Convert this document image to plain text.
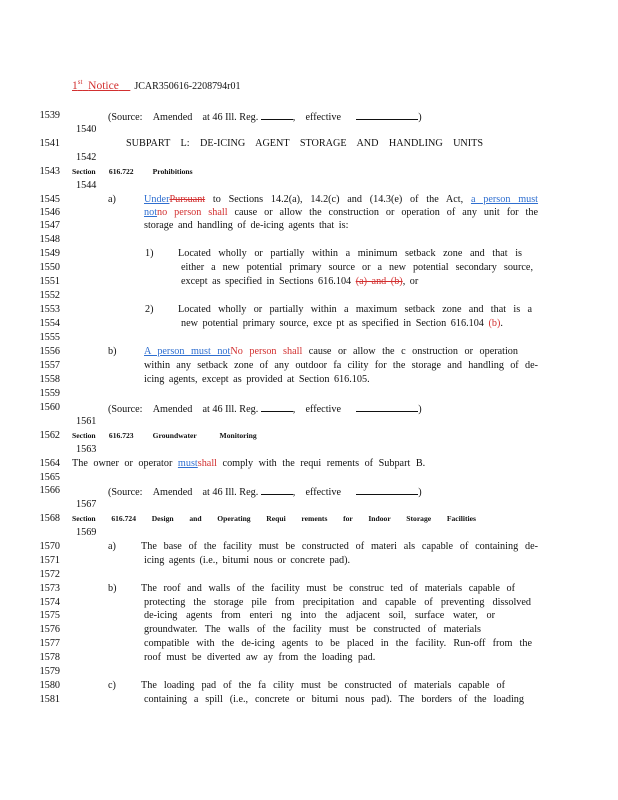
1st Notice JCAR350616-2208794r01
1539
1540
1541
1542
1543
1544
1545
1546
1547
1548
1549
1550
1551
1552
1553
1554
1555
1556
1557
1558
1559
1560
1561
1562
1563
1564
1565
1566
1567
1568
1569
1570
1571
1572
1573
1574
1575
1576
1577
1578
1579
1580
1581
(Source: Amended at 46 Ill. Reg.	, effective	)
(Source: Amended at 46 Ill. Reg.	, effective	)
(Source: Amended at 46 Ill. Reg.	, effective	)
SUBPART L: DE-ICING AGENT STORAGE AND HANDLING UNITS
Section 616.722 Prohibitions
a)	UnderPursuant to Sections 14.2(a), 14.2(c) and (14.3(e) of the Act, a person must
notno person shall cause or allow the construction or operation of any unit for the
storage and handling of de-icing agents that is:
1) Located wholly or partially within a minimum setback zone and that is
either a new potential primary source or a new potential secondary source,
except as specified in Sections 616.104 (a) and (b), or
2) Located wholly or partially within a maximum setback zone and that is a
new potential primary source, exce pt as specified in Section 616.104 (b).
b)	A person must notNo person shall cause or allow the c onstruction or operation
within any setback zone of any outdoor fa cility for the storage and handling of de-
icing agents, except as provided at Section 616.105.
Section 616.723 Groundwater	Monitoring
The owner or operator mustshall comply with the requi rements of Subpart B.
Section 616.724 Design and Operating Requi rements for Indoor Storage Facilities
a) The base of the facility must be constructed of materi als capable of containing de-
icing agents (i.e., bitumi nous or concrete pad).
b) The roof and walls of the facility must be construc ted of materials capable of
protecting the storage pile from precipitation and capable of preventing dissolved
de-icing agents from enteri ng into the adjacent soil, surface water, or
groundwater. The walls of the facility must be constructed of materials
compatible with the de-icing agents to be placed in the facility. Run-off from the
roof must be diverted aw ay from the loading pad.
c) The loading pad of the fa cility must be constructed of materials capable of
containing a spill (i.e., concrete or bitumi nous pad). The borders of the loading
